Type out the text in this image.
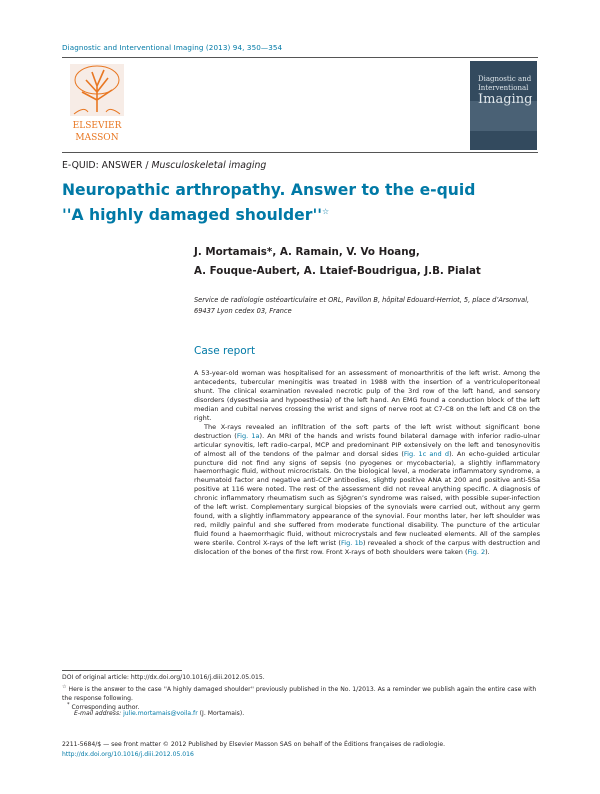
Diagnostic and Interventional Imaging (2013) 94, 350—354
ELSEVIER
MASSON
Diagnostic and
Interventional
Imaging
E-QUID: ANSWER / Musculoskeletal imaging
Neuropathic arthropathy. Answer to the e-quid
''A highly damaged shoulder''☆
J. Mortamais*, A. Ramain, V. Vo Hoang,
A. Fouque-Aubert, A. Ltaief-Boudrigua, J.B. Pialat
Service de radiologie ostéoarticulaire et ORL, Pavillon B, hôpital Edouard-Herriot, 5, place d’Arsonval, 69437 Lyon cedex 03, France
Case report

A 53-year-old woman was hospitalised for an assessment of monoarthritis of the left wrist. Among the antecedents, tubercular meningitis was treated in 1988 with the insertion of a ventriculoperitoneal shunt. The clinical examination revealed necrotic pulp of the 3rd row of the left hand, and sensory disorders (dysesthesia and hypoesthesia) of the left hand. An EMG found a conduction block of the left median and cubital nerves crossing the wrist and signs of nerve root at C7-C8 on the left and C8 on the right.

The X-rays revealed an infiltration of the soft parts of the left wrist without significant bone destruction (Fig. 1a). An MRI of the hands and wrists found bilateral damage with inferior radio-ulnar articular synovitis, left radio-carpal, MCP and predominant PIP extensively on the left and tenosynovitis of almost all of the tendons of the palmar and dorsal sides (Fig. 1c and d). An echo-guided articular puncture did not find any signs of sepsis (no pyogenes or mycobacteria), a slightly inflammatory haemorrhagic fluid, without microcristals. On the biological level, a moderate inflammatory syndrome, a rheumatoid factor and negative anti-CCP antibodies, slightly positive ANA at 200 and positive anti-SSa positive at 116 were noted. The rest of the assessment did not reveal anything specific. A diagnosis of chronic inflammatory rheumatism such as Sjögren’s syndrome was raised, with possible super-infection of the left wrist. Complementary surgical biopsies of the synovials were carried out, without any germ found, with a slightly inflammatory appearance of the synovial. Four months later, her left shoulder was red, mildly painful and she suffered from moderate functional disability. The puncture of the articular fluid found a haemorrhagic fluid, without microcrystals and few nucleated elements. All of the samples were sterile. Control X-rays of the left wrist (Fig. 1b) revealed a shock of the carpus with destruction and dislocation of the bones of the first row. Front X-rays of both shoulders were taken (Fig. 2).

DOI of original article: http://dx.doi.org/10.1016/j.diii.2012.05.015.
☆ Here is the answer to the case ''A highly damaged shoulder'' previously published in the No. 1/2013. As a reminder we publish again the entire case with the response following.
* Corresponding author.
E-mail address: julie.mortamais@voila.fr (J. Mortamais).
2211-5684/$ — see front matter © 2012 Published by Elsevier Masson SAS on behalf of the Éditions françaises de radiologie.
http://dx.doi.org/10.1016/j.diii.2012.05.016
